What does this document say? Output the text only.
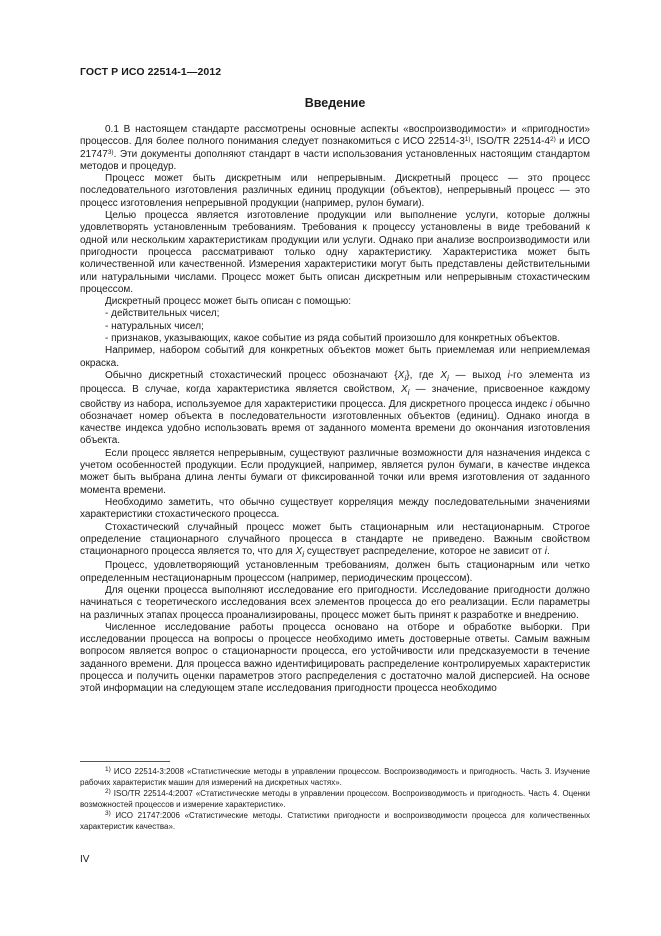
ГОСТ Р ИСО 22514-1—2012
Введение

0.1 В настоящем стандарте рассмотрены основные аспекты «воспроизводимости» и «пригодности» процессов. Для более полного понимания следует познакомиться с ИСО 22514-3$^{1)}$, ISO/TR 22514-4$^{2)}$ и ИСО 21747$^{3)}$. Эти документы дополняют стандарт в части использования установленных настоящим стандартом методов и процедур.

Процесс может быть дискретным или непрерывным. Дискретный процесс — это процесс последовательного изготовления различных единиц продукции (объектов), непрерывный процесс — это процесс изготовления непрерывной продукции (например, рулон бумаги).

Целью процесса является изготовление продукции или выполнение услуги, которые должны удовлетворять установленным требованиям. Требования к процессу установлены в виде требований к одной или нескольким характеристикам продукции или услуги. Однако при анализе воспроизводимости или пригодности процесса рассматривают только одну характеристику. Характеристика может быть количественной или качественной. Измерения характеристики могут быть представлены действительными или натуральными числами. Процесс может быть описан дискретным или непрерывным стохастическим процессом.

Дискретный процесс может быть описан с помощью:

- действительных чисел;

- натуральных чисел;

- признаков, указывающих, какое событие из ряда событий произошло для конкретных объектов.

Например, набором событий для конкретных объектов может быть приемлемая или неприемлемая окраска.

Обычно дискретный стохастический процесс обозначают $\{X_i\}$, где $X_i$ — выход i-го элемента из процесса. В случае, когда характеристика является свойством, $X_i$ — значение, присвоенное каждому свойству из набора, используемое для характеристики процесса. Для дискретного процесса индекс i обычно обозначает номер объекта в последовательности изготовленных объектов (единиц). Однако иногда в качестве индекса удобно использовать время от заданного момента времени до окончания изготовления объекта.

Если процесс является непрерывным, существуют различные возможности для назначения индекса с учетом особенностей продукции. Если продукцией, например, является рулон бумаги, в качестве индекса может быть выбрана длина ленты бумаги от фиксированной точки или время изготовления от заданного момента времени.

Необходимо заметить, что обычно существует корреляция между последовательными значениями характеристики стохастического процесса.

Стохастический случайный процесс может быть стационарным или нестационарным. Строгое определение стационарного случайного процесса в стандарте не приведено. Важным свойством стационарного процесса является то, что для $X_i$ существует распределение, которое не зависит от i.

Процесс, удовлетворяющий установленным требованиям, должен быть стационарным или четко определенным нестационарным процессом (например, периодическим процессом).

Для оценки процесса выполняют исследование его пригодности. Исследование пригодности должно начинаться с теоретического исследования всех элементов процесса до его реализации. Если параметры на различных этапах процесса проанализированы, процесс может быть принят к разработке и внедрению.

Численное исследование работы процесса основано на отборе и обработке выборки. При исследовании процесса на вопросы о процессе необходимо иметь достоверные ответы. Самым важным вопросом является вопрос о стационарности процесса, его устойчивости или предсказуемости в течение заданного времени. Для процесса важно идентифицировать распределение контролируемых характеристик процесса и получить оценки параметров этого распределения с достаточно малой дисперсией. На основе этой информации на следующем этапе исследования пригодности процесса необходимо

$^{1)}$ ИСО 22514-3:2008 «Статистические методы в управлении процессом. Воспроизводимость и пригодность. Часть 3. Изучение рабочих характеристик машин для измерений на дискретных частях».

$^{2)}$ ISO/TR 22514-4:2007 «Статистические методы в управлении процессом. Воспроизводимость и пригодность. Часть 4. Оценки возможностей процессов и измерение характеристик».

$^{3)}$ ИСО 21747:2006 «Статистические методы. Статистики пригодности и воспроизводимости процесса для количественных характеристик качества».

IV
